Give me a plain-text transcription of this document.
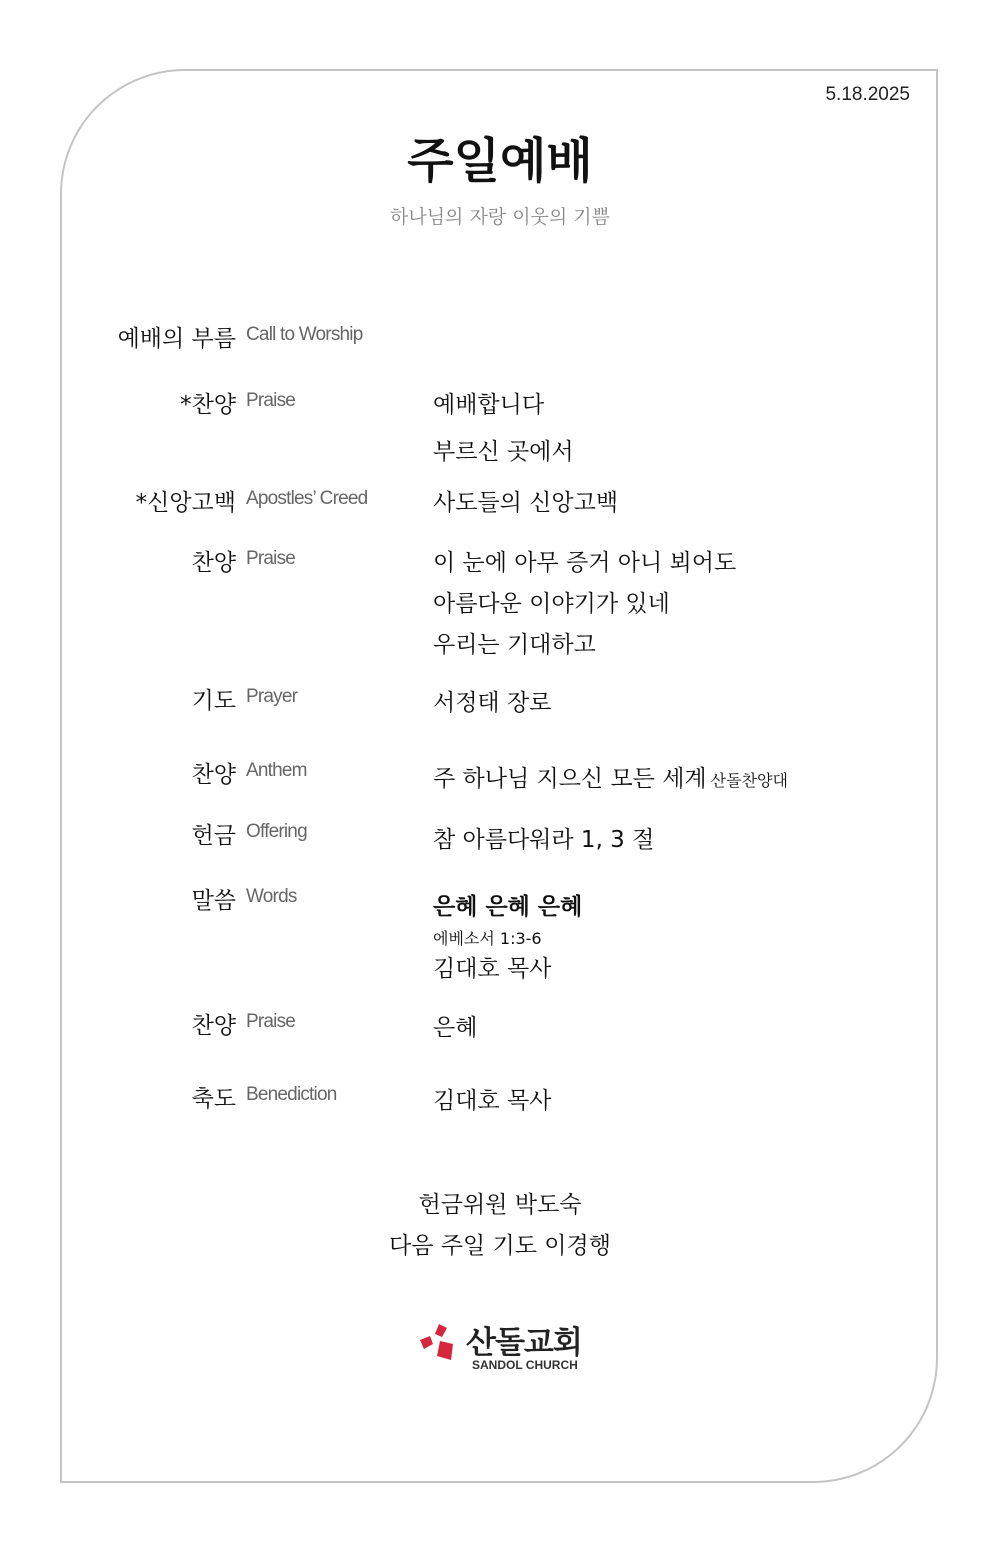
5.18.2025
주일예배
하나님의 자랑 이웃의 기쁨
예배의 부름 Call to Worship
*찬양 Praise	예배합니다
부르신 곳에서
*신앙고백 Apostles’ Creed	사도들의 신앙고백
찬양 Praise	이 눈에 아무 증거 아니 뵈어도
아름다운 이야기가 있네
우리는 기대하고
기도 Prayer	서정태 장로
찬양 Anthem	주 하나님 지으신 모든 세계 산돌찬양대
헌금 Offering	참 아름다워라 1, 3 절
말씀 Words	은혜 은혜 은혜
에베소서 1:3-6
김대호 목사
찬양 Praise	은혜
축도 Benediction	김대호 목사
헌금위원 박도숙
다음 주일 기도 이경행
산돌교회
SANDOL CHURCH
